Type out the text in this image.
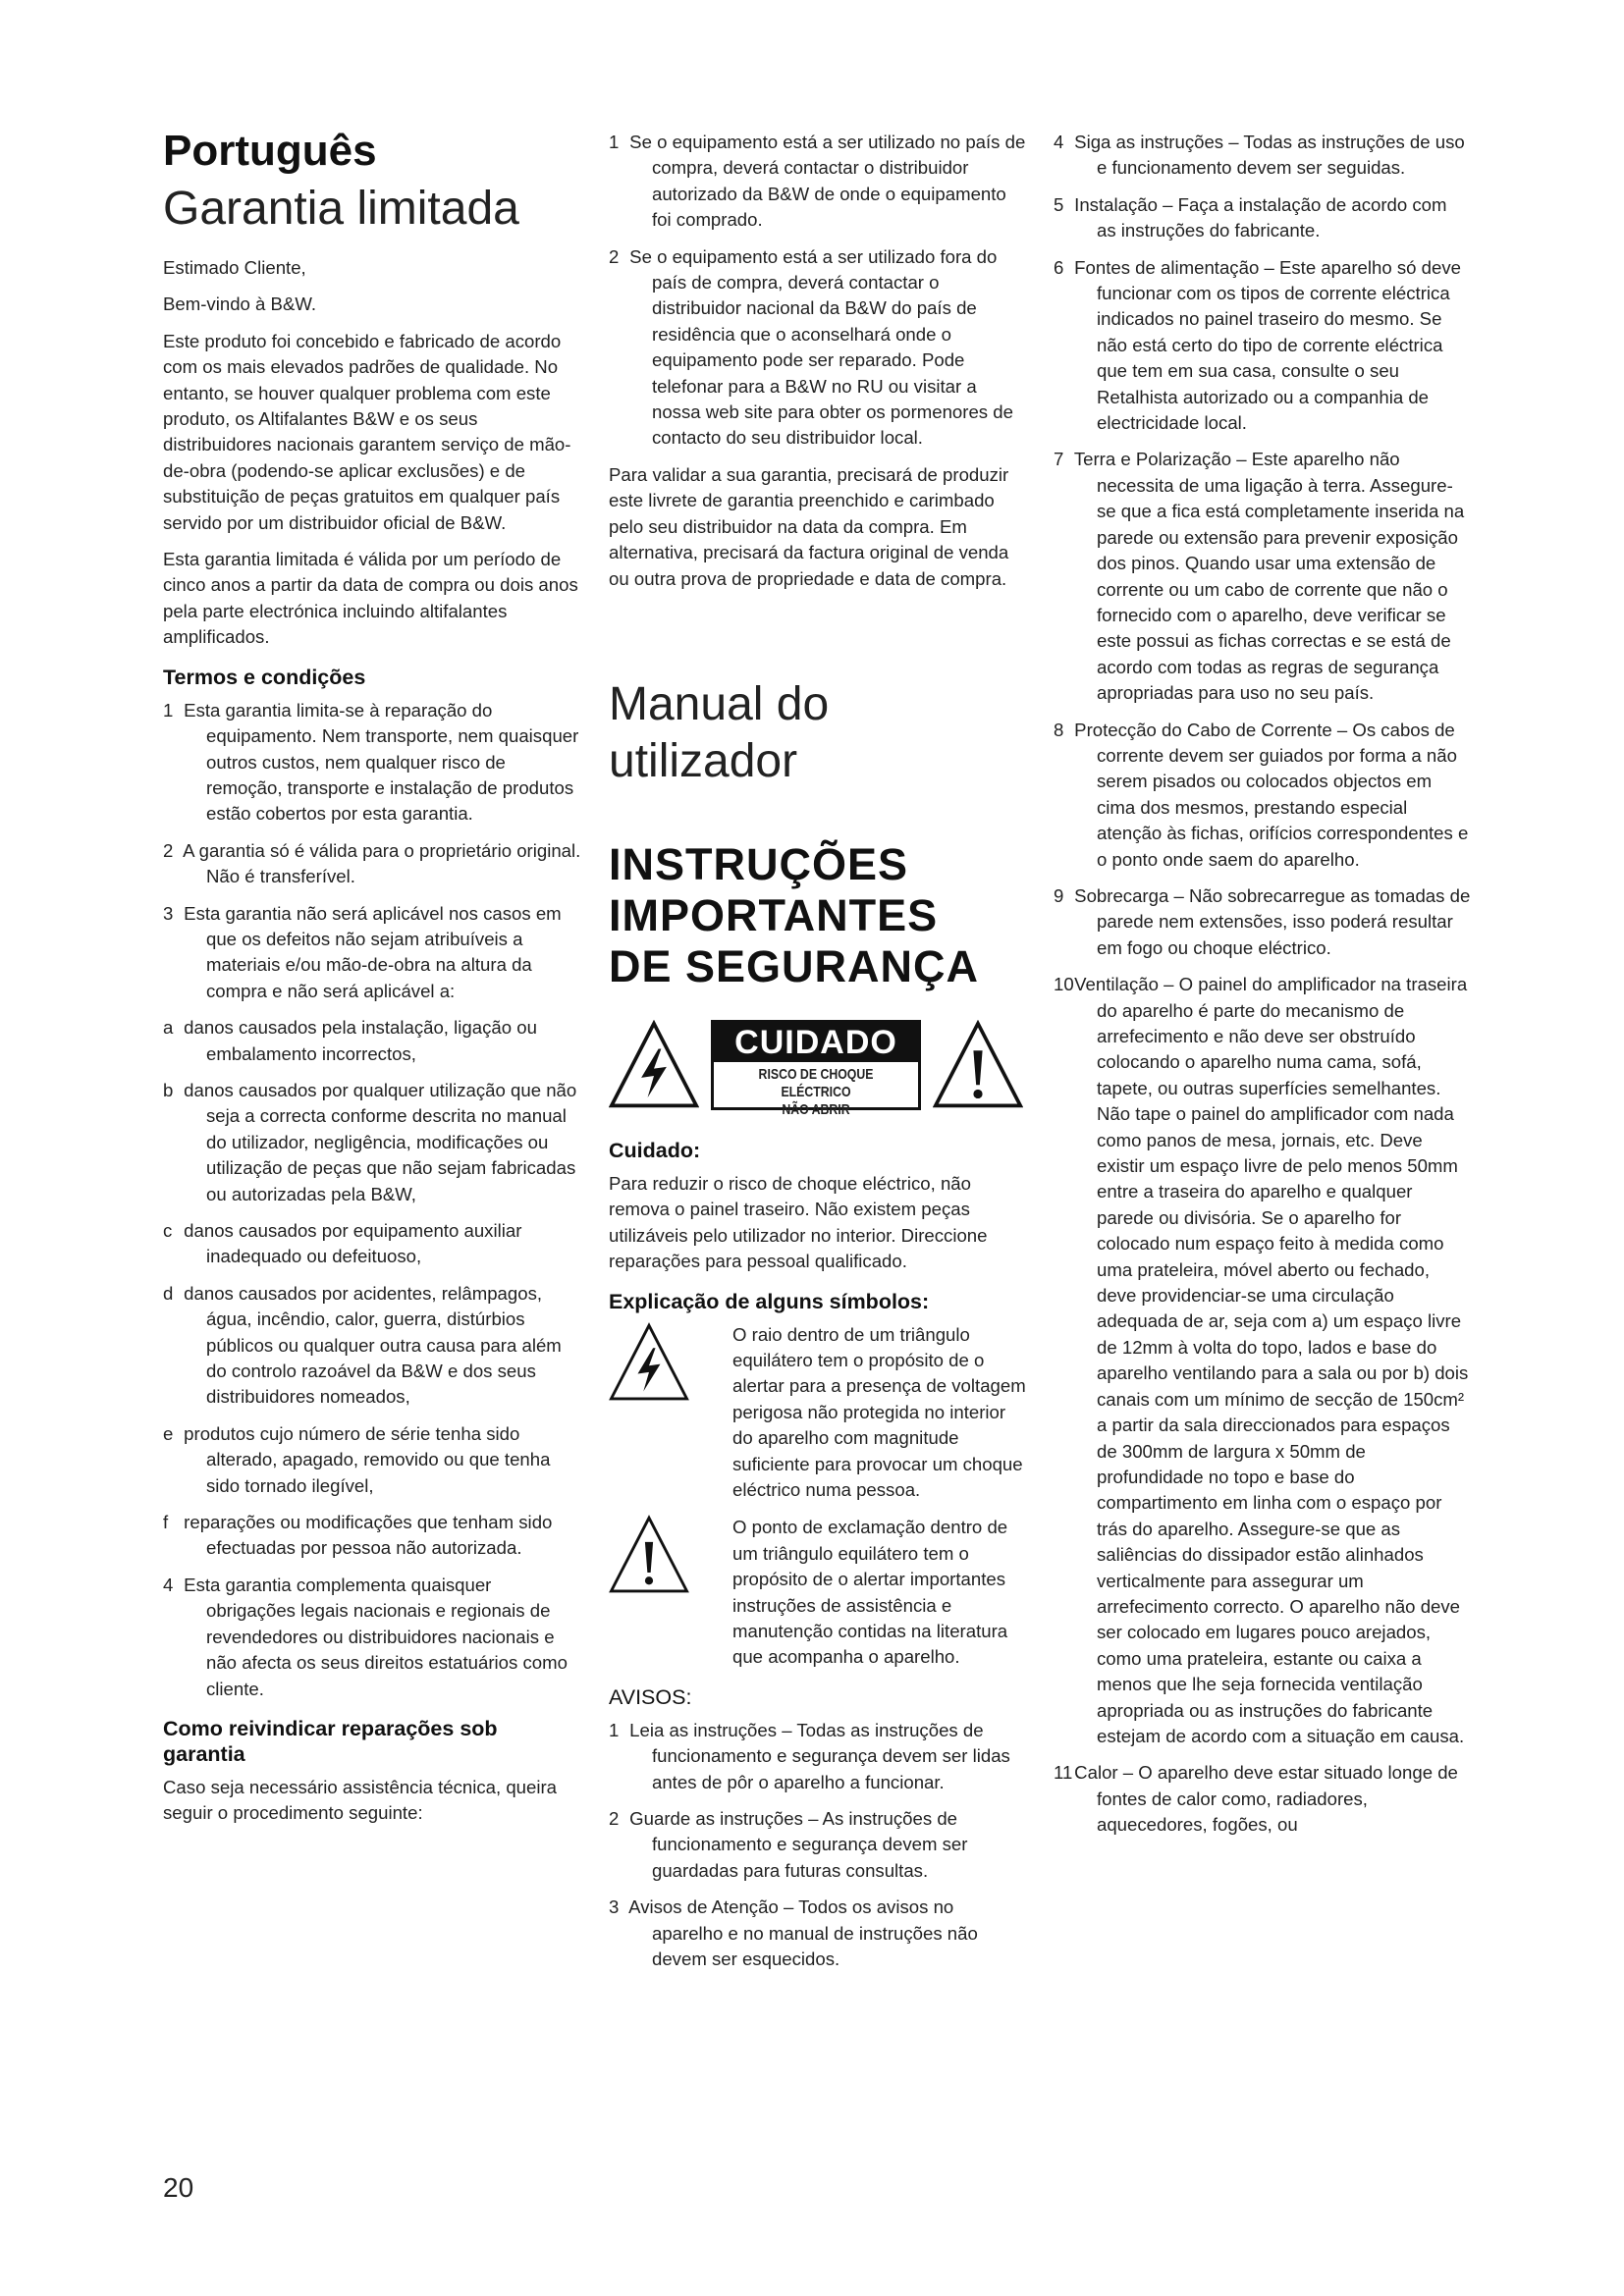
Português
Garantia limitada

Estimado Cliente,

Bem-vindo à B&W.

Este produto foi concebido e fabricado de acordo com os mais elevados padrões de qualidade. No entanto, se houver qualquer problema com este produto, os Altifalantes B&W e os seus distribuidores nacionais garantem serviço de mão-de-obra (podendo-se aplicar exclusões) e de substituição de peças gratuitos em qualquer país servido por um distribuidor oficial de B&W.

Esta garantia limitada é válida por um período de cinco anos a partir da data de compra ou dois anos pela parte electrónica incluindo altifalantes amplificados.

Termos e condições
1 Esta garantia limita-se à reparação do equipamento. Nem transporte, nem quaisquer outros custos, nem qualquer risco de remoção, transporte e instalação de produtos estão cobertos por esta garantia.
2 A garantia só é válida para o proprietário original. Não é transferível.
3 Esta garantia não será aplicável nos casos em que os defeitos não sejam atribuíveis a materiais e/ou mão-de-obra na altura da compra e não será aplicável a:
a danos causados pela instalação, ligação ou embalamento incorrectos,
b danos causados por qualquer utilização que não seja a correcta conforme descrita no manual do utilizador, negligência, modificações ou utilização de peças que não sejam fabricadas ou autorizadas pela B&W,
c danos causados por equipamento auxiliar inadequado ou defeituoso,
d danos causados por acidentes, relâmpagos, água, incêndio, calor, guerra, distúrbios públicos ou qualquer outra causa para além do controlo razoável da B&W e dos seus distribuidores nomeados,
e produtos cujo número de série tenha sido alterado, apagado, removido ou que tenha sido tornado ilegível,
f reparações ou modificações que tenham sido efectuadas por pessoa não autorizada.
4 Esta garantia complementa quaisquer obrigações legais nacionais e regionais de revendedores ou distribuidores nacionais e não afecta os seus direitos estatuários como cliente.
Como reivindicar reparações sob garantia

Caso seja necessário assistência técnica, queira seguir o procedimento seguinte:

1 Se o equipamento está a ser utilizado no país de compra, deverá contactar o distribuidor autorizado da B&W de onde o equipamento foi comprado.
2 Se o equipamento está a ser utilizado fora do país de compra, deverá contactar o distribuidor nacional da B&W do país de residência que o aconselhará onde o equipamento pode ser reparado. Pode telefonar para a B&W no RU ou visitar a nossa web site para obter os pormenores de contacto do seu distribuidor local.

Para validar a sua garantia, precisará de produzir este livrete de garantia preenchido e carimbado pelo seu distribuidor na data da compra. Em alternativa, precisará da factura original de venda ou outra prova de propriedade e data de compra.

Manual do utilizador
INSTRUÇÕES
IMPORTANTES
DE SEGURANÇA
CUIDADO
RISCO DE CHOQUE ELÉCTRICO
NÃO ABRIR
Cuidado:

Para reduzir o risco de choque eléctrico, não remova o painel traseiro. Não existem peças utilizáveis pelo utilizador no interior. Direccione reparações para pessoal qualificado.

Explicação de alguns símbolos:
O raio dentro de um triângulo equilátero tem o propósito de o alertar para a presença de voltagem perigosa não protegida no interior do aparelho com magnitude suficiente para provocar um choque eléctrico numa pessoa.
O ponto de exclamação dentro de um triângulo equilátero tem o propósito de o alertar importantes instruções de assistência e manutenção contidas na literatura que acompanha o aparelho.
AVISOS:
1 Leia as instruções – Todas as instruções de funcionamento e segurança devem ser lidas antes de pôr o aparelho a funcionar.
2 Guarde as instruções – As instruções de funcionamento e segurança devem ser guardadas para futuras consultas.
3 Avisos de Atenção – Todos os avisos no aparelho e no manual de instruções não devem ser esquecidos.
4 Siga as instruções – Todas as instruções de uso e funcionamento devem ser seguidas.
5 Instalação – Faça a instalação de acordo com as instruções do fabricante.
6 Fontes de alimentação – Este aparelho só deve funcionar com os tipos de corrente eléctrica indicados no painel traseiro do mesmo. Se não está certo do tipo de corrente eléctrica que tem em sua casa, consulte o seu Retalhista autorizado ou a companhia de electricidade local.
7 Terra e Polarização – Este aparelho não necessita de uma ligação à terra. Assegure-se que a fica está completamente inserida na parede ou extensão para prevenir exposição dos pinos. Quando usar uma extensão de corrente ou um cabo de corrente que não o fornecido com o aparelho, deve verificar se este possui as fichas correctas e se está de acordo com todas as regras de segurança apropriadas para uso no seu país.
8 Protecção do Cabo de Corrente – Os cabos de corrente devem ser guiados por forma a não serem pisados ou colocados objectos em cima dos mesmos, prestando especial atenção às fichas, orifícios correspondentes e o ponto onde saem do aparelho.
9 Sobrecarga – Não sobrecarregue as tomadas de parede nem extensões, isso poderá resultar em fogo ou choque eléctrico.
10 Ventilação – O painel do amplificador na traseira do aparelho é parte do mecanismo de arrefecimento e não deve ser obstruído colocando o aparelho numa cama, sofá, tapete, ou outras superfícies semelhantes. Não tape o painel do amplificador com nada como panos de mesa, jornais, etc. Deve existir um espaço livre de pelo menos 50mm entre a traseira do aparelho e qualquer parede ou divisória. Se o aparelho for colocado num espaço feito à medida como uma prateleira, móvel aberto ou fechado, deve providenciar-se uma circulação adequada de ar, seja com a) um espaço livre de 12mm à volta do topo, lados e base do aparelho ventilando para a sala ou por b) dois canais com um mínimo de secção de 150cm² a partir da sala direccionados para espaços de 300mm de largura x 50mm de profundidade no topo e base do compartimento em linha com o espaço por trás do aparelho. Assegure-se que as saliências do dissipador estão alinhados verticalmente para assegurar um arrefecimento correcto. O aparelho não deve ser colocado em lugares pouco arejados, como uma prateleira, estante ou caixa a menos que lhe seja fornecida ventilação apropriada ou as instruções do fabricante estejam de acordo com a situação em causa.
11 Calor – O aparelho deve estar situado longe de fontes de calor como, radiadores, aquecedores, fogões, ou
20
